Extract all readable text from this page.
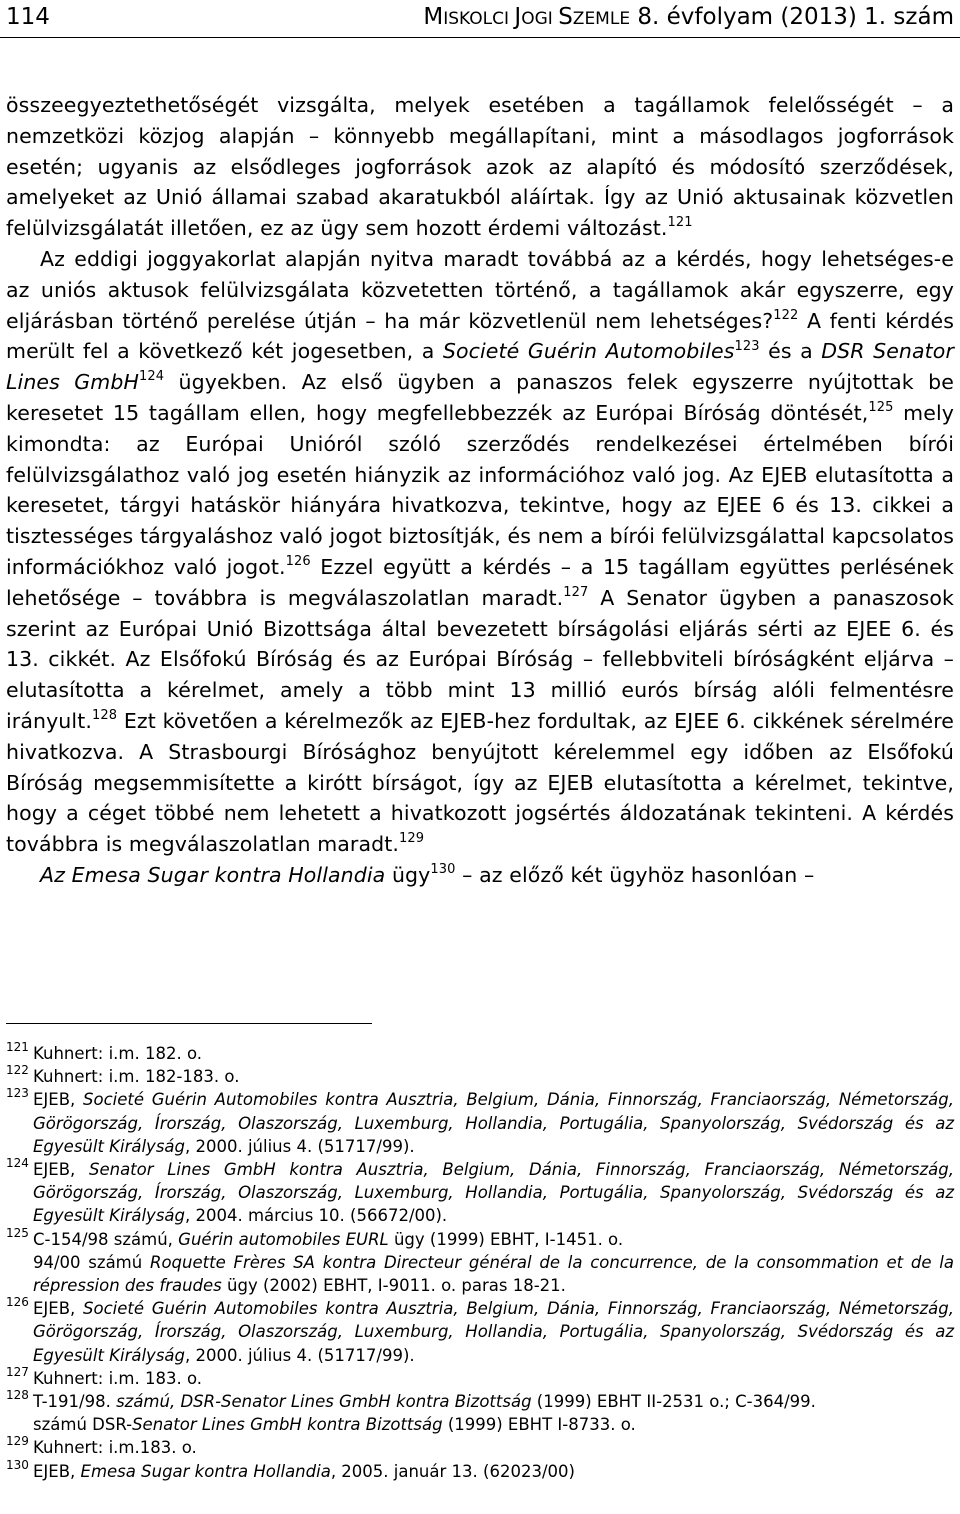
114	MISKOLCI JOGI SZEMLE 8. évfolyam (2013) 1. szám

összeegyeztethetőségét vizsgálta, melyek esetében a tagállamok felelősségét – a nemzetközi közjog alapján – könnyebb megállapítani, mint a másodlagos jogforrások esetén; ugyanis az elsődleges jogforrások azok az alapító és módosító szerződések, amelyeket az Unió államai szabad akaratukból aláírtak. Így az Unió aktusainak közvetlen felülvizsgálatát illetően, ez az ügy sem hozott érdemi változást.$^{121}$

Az eddigi joggyakorlat alapján nyitva maradt továbbá az a kérdés, hogy lehetséges-e az uniós aktusok felülvizsgálata közvetetten történő, a tagállamok akár egyszerre, egy eljárásban történő perelése útján – ha már közvetlenül nem lehetséges?$^{122}$ A fenti kérdés merült fel a következő két jogesetben, a Societé Guérin Automobiles$^{123}$ és a DSR Senator Lines GmbH$^{124}$ ügyekben. Az első ügyben a panaszos felek egyszerre nyújtottak be keresetet 15 tagállam ellen, hogy megfellebbezzék az Európai Bíróság döntését,$^{125}$ mely kimondta: az Európai Unióról szóló szerződés rendelkezései értelmében bírói felülvizsgálathoz való jog esetén hiányzik az információhoz való jog. Az EJEB elutasította a keresetet, tárgyi hatáskör hiányára hivatkozva, tekintve, hogy az EJEE 6 és 13. cikkei a tisztességes tárgyaláshoz való jogot biztosítják, és nem a bírói felülvizsgálattal kapcsolatos információkhoz való jogot.$^{126}$ Ezzel együtt a kérdés – a 15 tagállam együttes perlésének lehetősége – továbbra is megválaszolatlan maradt.$^{127}$ A Senator ügyben a panaszosok szerint az Európai Unió Bizottsága által bevezetett bírságolási eljárás sérti az EJEE 6. és 13. cikkét. Az Elsőfokú Bíróság és az Európai Bíróság – fellebbviteli bíróságként eljárva – elutasította a kérelmet, amely a több mint 13 millió eurós bírság alóli felmentésre irányult.$^{128}$ Ezt követően a kérelmezők az EJEB-hez fordultak, az EJEE 6. cikkének sérelmére hivatkozva. A Strasbourgi Bírósághoz benyújtott kérelemmel egy időben az Elsőfokú Bíróság megsemmisítette a kirótt bírságot, így az EJEB elutasította a kérelmet, tekintve, hogy a céget többé nem lehetett a hivatkozott jogsértés áldozatának tekinteni. A kérdés továbbra is megválaszolatlan maradt.$^{129}$

Az Emesa Sugar kontra Hollandia ügy$^{130}$ – az előző két ügyhöz hasonlóan –

121 Kuhnert: i.m. 182. o.
122 Kuhnert: i.m. 182-183. o.
123 EJEB, Societé Guérin Automobiles kontra Ausztria, Belgium, Dánia, Finnország, Franciaország, Németország, Görögország, Írország, Olaszország, Luxemburg, Hollandia, Portugália, Spanyolország, Svédország és az Egyesült Királyság, 2000. július 4. (51717/99).
124 EJEB, Senator Lines GmbH kontra Ausztria, Belgium, Dánia, Finnország, Franciaország, Németország, Görögország, Írország, Olaszország, Luxemburg, Hollandia, Portugália, Spanyolország, Svédország és az Egyesült Királyság, 2004. március 10. (56672/00).
125 C-154/98 számú, Guérin automobiles EURL ügy (1999) EBHT, I-1451. o.
94/00 számú Roquette Frères SA kontra Directeur général de la concurrence, de la consommation et de la répression des fraudes ügy (2002) EBHT, I-9011. o. paras 18-21.
126 EJEB, Societé Guérin Automobiles kontra Ausztria, Belgium, Dánia, Finnország, Franciaország, Németország, Görögország, Írország, Olaszország, Luxemburg, Hollandia, Portugália, Spanyolország, Svédország és az Egyesült Királyság, 2000. július 4. (51717/99).
127 Kuhnert: i.m. 183. o.
128 T-191/98. számú, DSR-Senator Lines GmbH kontra Bizottság (1999) EBHT II-2531 o.; C-364/99.
számú DSR-Senator Lines GmbH kontra Bizottság (1999) EBHT I-8733. o.
129 Kuhnert: i.m.183. o.
130 EJEB, Emesa Sugar kontra Hollandia, 2005. január 13. (62023/00)
